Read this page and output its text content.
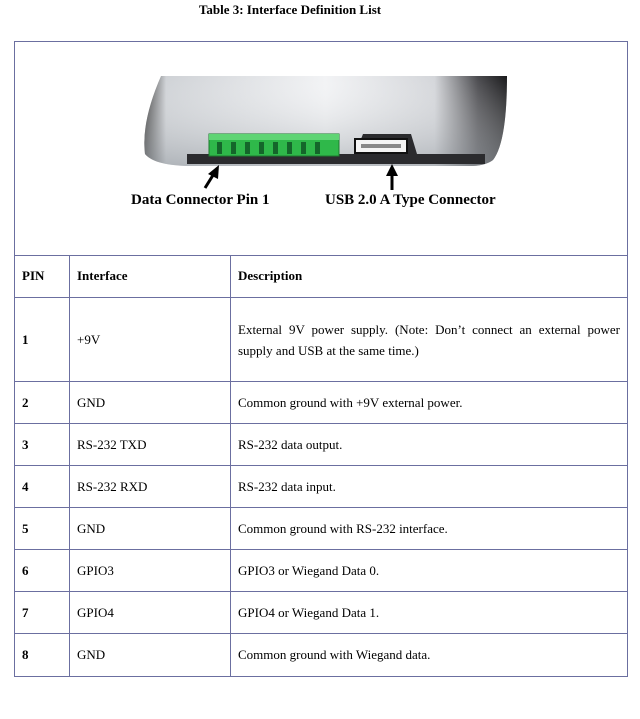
Table 3: Interface Definition List
Data Connector Pin 1	USB 2.0 A Type Connector
PIN	Interface	Description
1	+9V	External 9V power supply. (Note: Don’t connect an external power supply and USB at the same time.)
2	GND	Common ground with +9V external power.
3	RS-232 TXD	RS-232 data output.
4	RS-232 RXD	RS-232 data input.
5	GND	Common ground with RS-232 interface.
6	GPIO3	GPIO3 or Wiegand Data 0.
7	GPIO4	GPIO4 or Wiegand Data 1.
8	GND	Common ground with Wiegand data.
